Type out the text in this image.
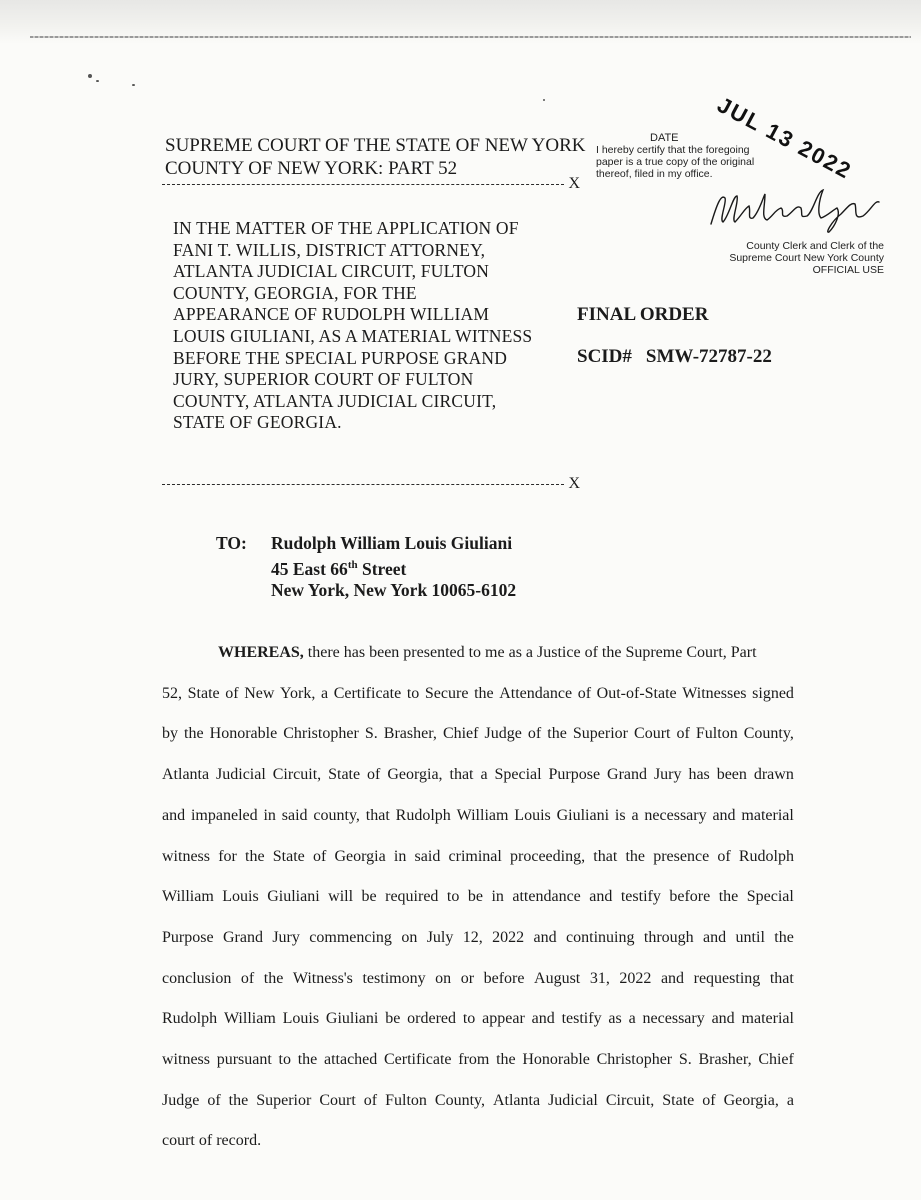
SUPREME COURT OF THE STATE OF NEW YORK
COUNTY OF NEW YORK: PART 52
X
IN THE MATTER OF THE APPLICATION OF
FANI T. WILLIS, DISTRICT ATTORNEY,
ATLANTA JUDICIAL CIRCUIT, FULTON
COUNTY, GEORGIA, FOR THE
APPEARANCE OF RUDOLPH WILLIAM
LOUIS GIULIANI, AS A MATERIAL WITNESS
BEFORE THE SPECIAL PURPOSE GRAND
JURY, SUPERIOR COURT OF FULTON
COUNTY, ATLANTA JUDICIAL CIRCUIT,
STATE OF GEORGIA.
FINAL ORDER
SCID# SMW-72787-22
X
JUL 13 2022
DATE
I hereby certify that the foregoing
paper is a true copy of the original
thereof, filed in my office.
County Clerk and Clerk of the
Supreme Court New York County
OFFICIAL USE
TO: Rudolph William Louis Giuliani
45 East 66th Street
New York, New York 10065-6102
WHEREAS, there has been presented to me as a Justice of the Supreme Court, Part
52, State of New York, a Certificate to Secure the Attendance of Out-of-State Witnesses signed
by the Honorable Christopher S. Brasher, Chief Judge of the Superior Court of Fulton County,
Atlanta Judicial Circuit, State of Georgia, that a Special Purpose Grand Jury has been drawn
and impaneled in said county, that Rudolph William Louis Giuliani is a necessary and material
witness for the State of Georgia in said criminal proceeding, that the presence of Rudolph
William Louis Giuliani will be required to be in attendance and testify before the Special
Purpose Grand Jury commencing on July 12, 2022 and continuing through and until the
conclusion of the Witness's testimony on or before August 31, 2022 and requesting that
Rudolph William Louis Giuliani be ordered to appear and testify as a necessary and material
witness pursuant to the attached Certificate from the Honorable Christopher S. Brasher, Chief
Judge of the Superior Court of Fulton County, Atlanta Judicial Circuit, State of Georgia, a
court of record.
